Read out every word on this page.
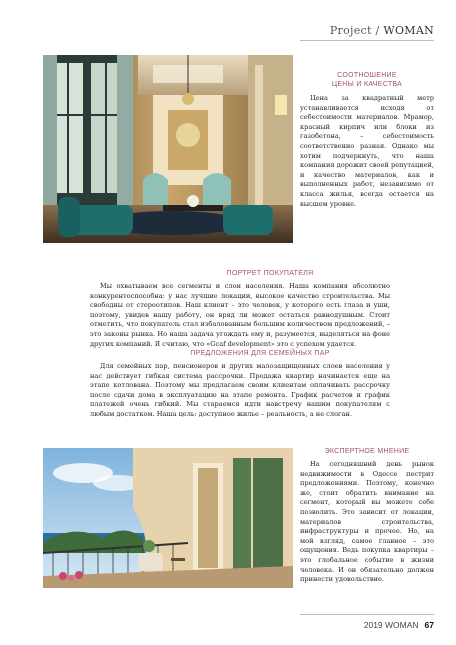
Project / WOMAN
СООТНОШЕНИЕ
ЦЕНЫ И КАЧЕСТВА

Цена за квадратный метр устанавливается исходя от себестоимости материалов. Мрамор, красный кирпич или блоки из газобетона, – себестоимость соответственно разная. Однако мы хотим подчеркнуть, что наша компания дорожит своей репутацией, и качество материалов, как и выполненных работ, независимо от класса жилья, всегда остается на высшем уровне.

ПОРТРЕТ ПОКУПАТЕЛЯ

Мы охватываем все сегменты и слои населения. Наша компания абсолютно конкурентоспособна: у нас лучшие локации, высокое качество строительства. Мы свободны от стереотипов. Наш клиент – это человек, у которого есть глаза и уши, поэтому, увидев нашу работу, он вряд ли может остаться равнодушным. Стоит отметить, что покупатель стал избалованным большим количеством предложений, – это законы рынка. Но наша задача угождать ему и, разумеется, выделяться на фоне других компаний. Я считаю, что «Gcaf development» это с успехом удается.

ПРЕДЛОЖЕНИЯ ДЛЯ СЕМЕЙНЫХ ПАР

Для семейных пар, пенсионеров и других малозащищенных слоев населения у нас действует гибкая система рассрочки. Продажа квартир начинается еще на этапе котлована. Поэтому мы предлагаем своим клиентам оплачивать рассрочку после сдачи дома в эксплуатацию на этапе ремонта. График расчетов и график платежей очень гибкий. Мы стараемся идти навстречу нашим покупателям с любым достатком. Наша цель: доступное жилье – реальность, а не слоган.

ЭКСПЕРТНОЕ МНЕНИЕ

На сегодняшний день рынок недвижимости в Одессе пестрит предложениями. Поэтому, конечно же, стоит обратить внимание на сегмент, который вы можете себе позволить. Это зависит от локации, материалов строительства, инфраструктуры и прочее. Но, на мой взгляд, самое главное – это ощущения. Ведь покупка квартиры – это глобальное событие в жизни человека. И он обязательно должен принести удовольствие.

2019 WOMAN 67
